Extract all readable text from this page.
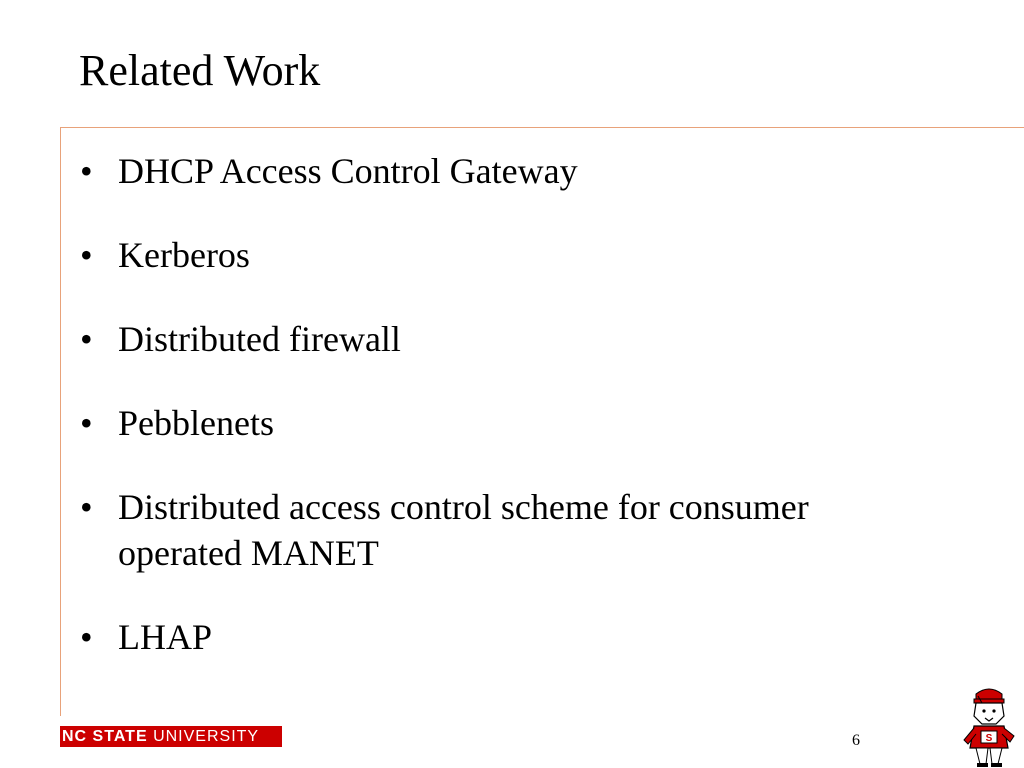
Related Work
• DHCP Access Control Gateway
• Kerberos
• Distributed firewall
• Pebblenets
• Distributed access control scheme for consumer operated MANET
• LHAP
NC STATE UNIVERSITY	6	S
